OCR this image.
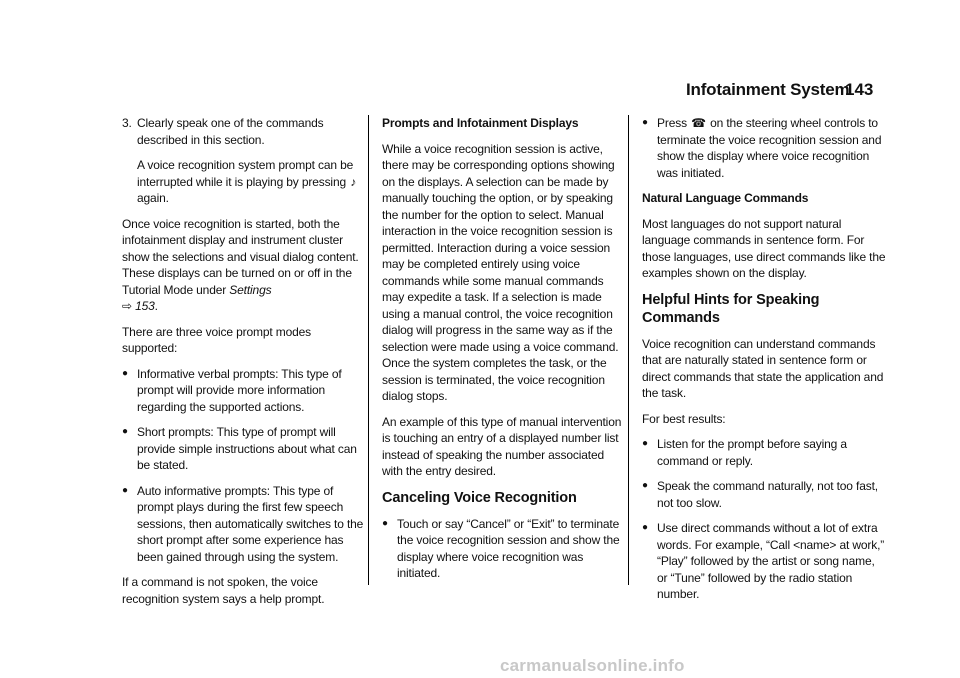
Infotainment System
143
3. Clearly speak one of the commands described in this section.

A voice recognition system prompt can be interrupted while it is playing by pressing ♪ again.

Once voice recognition is started, both the infotainment display and instrument cluster show the selections and visual dialog content. These displays can be turned on or off in the Tutorial Mode under Settings
⇨ 153.

There are three voice prompt modes supported:

● Informative verbal prompts: This type of prompt will provide more information regarding the supported actions.
● Short prompts: This type of prompt will provide simple instructions about what can be stated.
● Auto informative prompts: This type of prompt plays during the first few speech sessions, then automatically switches to the short prompt after some experience has been gained through using the system.

If a command is not spoken, the voice recognition system says a help prompt.

Prompts and Infotainment Displays

While a voice recognition session is active, there may be corresponding options showing on the displays. A selection can be made by manually touching the option, or by speaking the number for the option to select. Manual interaction in the voice recognition session is permitted. Interaction during a voice session may be completed entirely using voice commands while some manual commands may expedite a task. If a selection is made using a manual control, the voice recognition dialog will progress in the same way as if the selection were made using a voice command. Once the system completes the task, or the session is terminated, the voice recognition dialog stops.

An example of this type of manual intervention is touching an entry of a displayed number list instead of speaking the number associated with the entry desired.

Canceling Voice Recognition
● Touch or say “Cancel” or “Exit” to terminate the voice recognition session and show the display where voice recognition was initiated.
● Press ☎ on the steering wheel controls to terminate the voice recognition session and show the display where voice recognition was initiated.
Natural Language Commands

Most languages do not support natural language commands in sentence form. For those languages, use direct commands like the examples shown on the display.

Helpful Hints for Speaking Commands

Voice recognition can understand commands that are naturally stated in sentence form or direct commands that state the application and the task.

For best results:

● Listen for the prompt before saying a command or reply.
● Speak the command naturally, not too fast, not too slow.
● Use direct commands without a lot of extra words. For example, “Call <name> at work,” “Play” followed by the artist or song name, or “Tune” followed by the radio station number.
carmanualsonline.info
